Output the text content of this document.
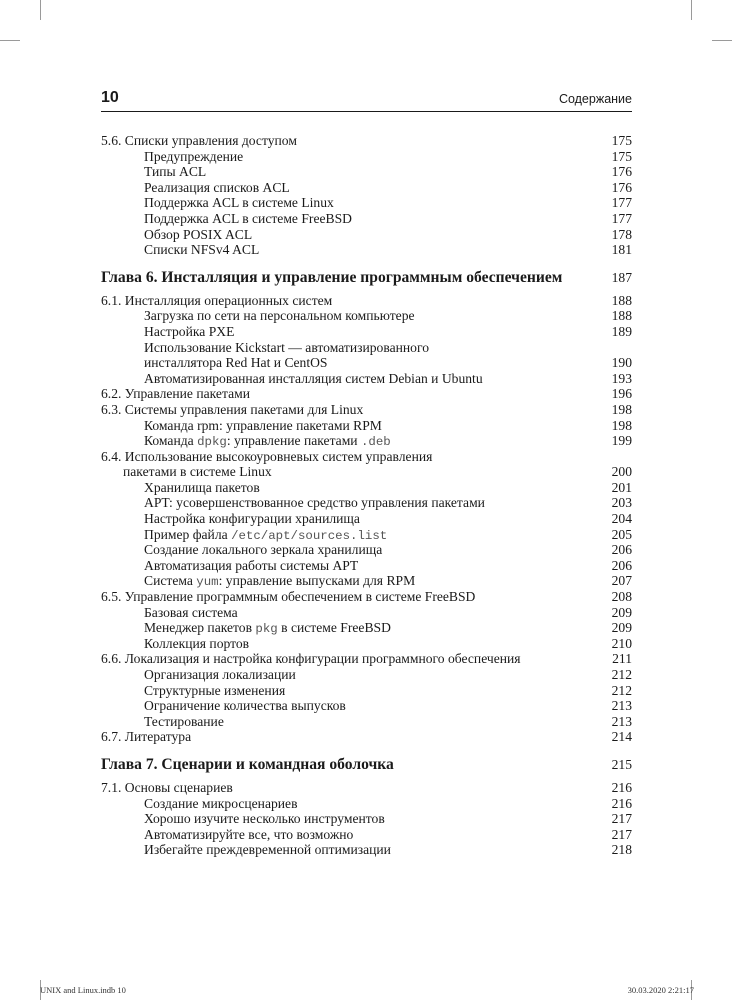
10	Содержание
5.6. Списки управления доступом	175
Предупреждение	175
Типы ACL	176
Реализация списков ACL	176
Поддержка ACL в системе Linux	177
Поддержка ACL в системе FreeBSD	177
Обзор POSIX ACL	178
Списки NFSv4 ACL	181
Глава 6. Инсталляция и управление программным обеспечением	187
6.1. Инсталляция операционных систем	188
Загрузка по сети на персональном компьютере	188
Настройка PXE	189
Использование Kickstart — автоматизированного
инсталлятора Red Hat и CentOS	190
Автоматизированная инсталляция систем Debian и Ubuntu	193
6.2. Управление пакетами	196
6.3. Системы управления пакетами для Linux	198
Команда rpm: управление пакетами RPM	198
Команда dpkg: управление пакетами .deb	199
6.4. Использование высокоуровневых систем управления
пакетами в системе Linux	200
Хранилища пакетов	201
APT: усовершенствованное средство управления пакетами	203
Настройка конфигурации хранилища	204
Пример файла /etc/apt/sources.list	205
Создание локального зеркала хранилища	206
Автоматизация работы системы APT	206
Система yum: управление выпусками для RPM	207
6.5. Управление программным обеспечением в системе FreeBSD	208
Базовая система	209
Менеджер пакетов pkg в системе FreeBSD	209
Коллекция портов	210
6.6. Локализация и настройка конфигурации программного обеспечения	211
Организация локализации	212
Структурные изменения	212
Ограничение количества выпусков	213
Тестирование	213
6.7. Литература	214
Глава 7. Сценарии и командная оболочка	215
7.1. Основы сценариев	216
Создание микросценариев	216
Хорошо изучите несколько инструментов	217
Автоматизируйте все, что возможно	217
Избегайте преждевременной оптимизации	218
UNIX and Linux.indb 10	30.03.2020 2:21:17
